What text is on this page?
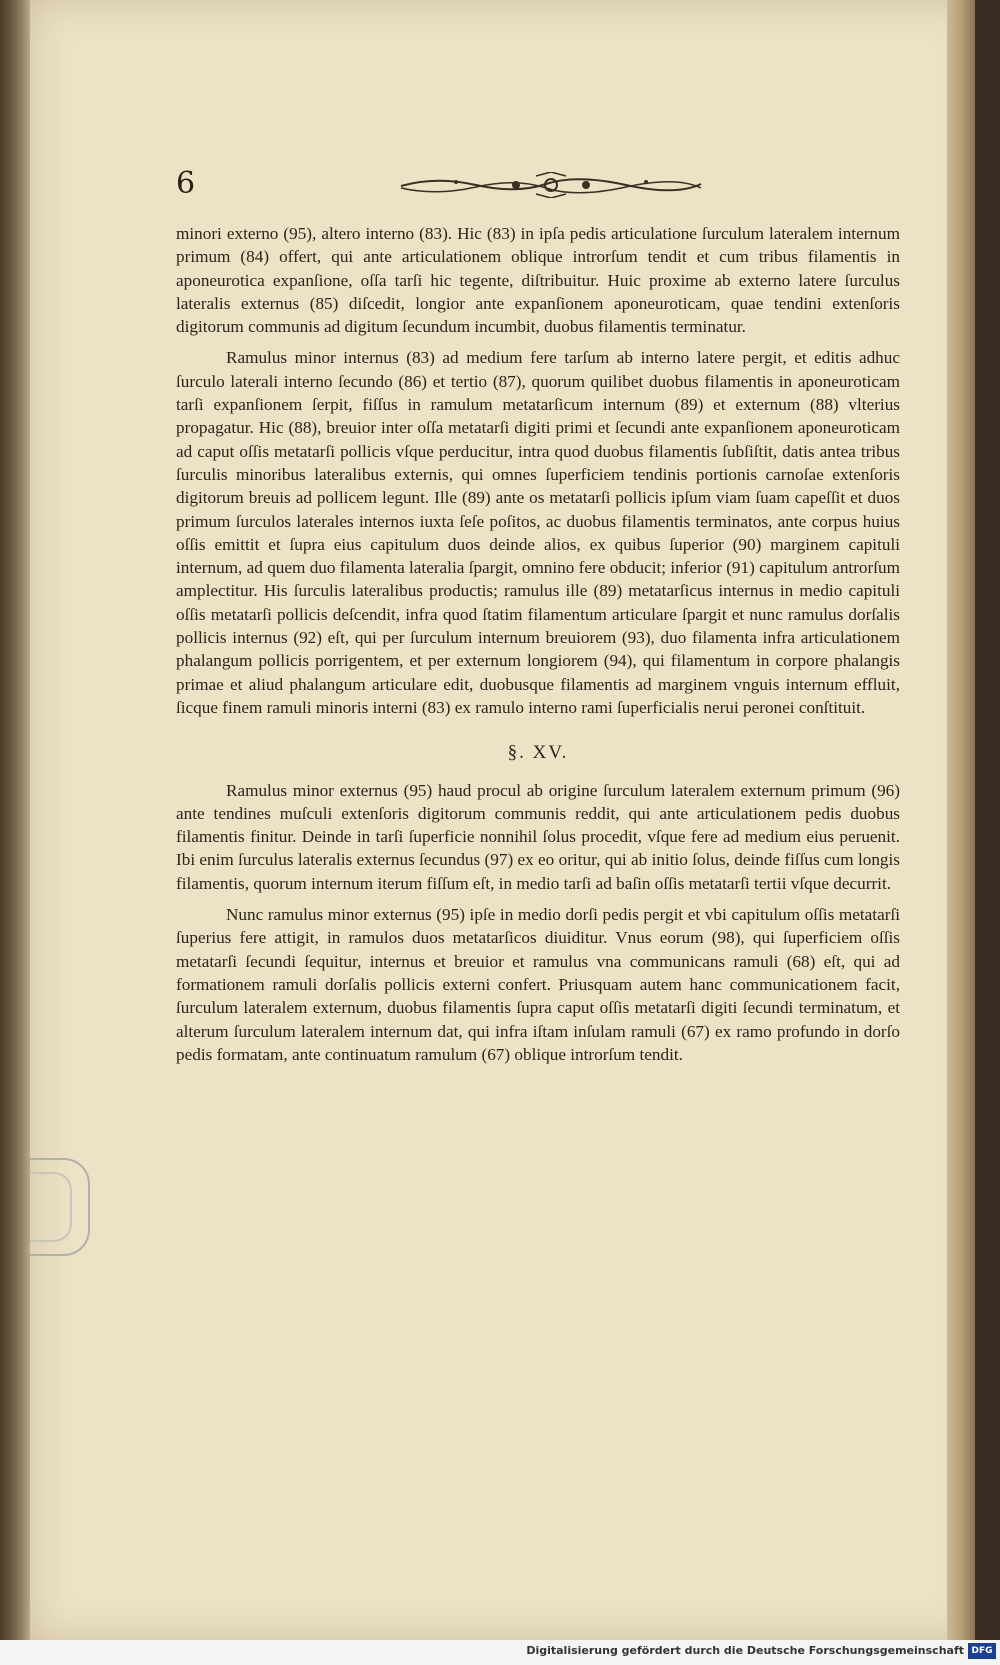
6

minori externo (95), altero interno (83). Hic (83) in ipſa pedis articulatione ſurculum lateralem internum primum (84) offert, qui ante articulationem oblique introrſum tendit et cum tribus filamentis in aponeurotica expanſione, oſſa tarſi hic tegente, diſtribuitur. Huic proxime ab externo latere ſurculus lateralis externus (85) diſcedit, longior ante expanſionem aponeuroticam, quae tendini extenſoris digitorum communis ad digitum ſecundum incumbit, duobus filamentis terminatur.

Ramulus minor internus (83) ad medium fere tarſum ab interno latere pergit, et editis adhuc ſurculo laterali interno ſecundo (86) et tertio (87), quorum quilibet duobus filamentis in aponeuroticam tarſi expanſionem ſerpit, fiſſus in ramulum metatarſicum internum (89) et externum (88) vlterius propagatur. Hic (88), breuior inter oſſa metatarſi digiti primi et ſecundi ante expanſionem aponeuroticam ad caput oſſis metatarſi pollicis vſque perducitur, intra quod duobus filamentis ſubſiſtit, datis antea tribus ſurculis minoribus lateralibus externis, qui omnes ſuperficiem tendinis portionis carnoſae extenſoris digitorum breuis ad pollicem legunt. Ille (89) ante os metatarſi pollicis ipſum viam ſuam capeſſit et duos primum ſurculos laterales internos iuxta ſeſe poſitos, ac duobus filamentis terminatos, ante corpus huius oſſis emittit et ſupra eius capitulum duos deinde alios, ex quibus ſuperior (90) marginem capituli internum, ad quem duo filamenta lateralia ſpargit, omnino fere obducit; inferior (91) capitulum antrorſum amplectitur. His ſurculis lateralibus productis; ramulus ille (89) metatarſicus internus in medio capituli oſſis metatarſi pollicis deſcendit, infra quod ſtatim filamentum articulare ſpargit et nunc ramulus dorſalis pollicis internus (92) eſt, qui per ſurculum internum breuiorem (93), duo filamenta infra articulationem phalangum pollicis porrigentem, et per externum longiorem (94), qui filamentum in corpore phalangis primae et aliud phalangum articulare edit, duobusque filamentis ad marginem vnguis internum effluit, ſicque finem ramuli minoris interni (83) ex ramulo interno rami ſuperficialis nerui peronei conſtituit.

§. XV.

Ramulus minor externus (95) haud procul ab origine ſurculum lateralem externum primum (96) ante tendines muſculi extenſoris digitorum communis reddit, qui ante articulationem pedis duobus filamentis finitur. Deinde in tarſi ſuperficie nonnihil ſolus procedit, vſque fere ad medium eius peruenit. Ibi enim ſurculus lateralis externus ſecundus (97) ex eo oritur, qui ab initio ſolus, deinde fiſſus cum longis filamentis, quorum internum iterum fiſſum eſt, in medio tarſi ad baſin oſſis metatarſi tertii vſque decurrit.

Nunc ramulus minor externus (95) ipſe in medio dorſi pedis pergit et vbi capitulum oſſis metatarſi ſuperius fere attigit, in ramulos duos metatarſicos diuiditur. Vnus eorum (98), qui ſuperficiem oſſis metatarſi ſecundi ſequitur, internus et breuior et ramulus vna communicans ramuli (68) eſt, qui ad formationem ramuli dorſalis pollicis externi confert. Priusquam autem hanc communicationem facit, ſurculum lateralem externum, duobus filamentis ſupra caput oſſis metatarſi digiti ſecundi terminatum, et alterum ſurculum lateralem internum dat, qui infra iſtam inſulam ramuli (67) ex ramo profundo in dorſo pedis formatam, ante continuatum ramulum (67) oblique introrſum tendit.

Digitalisierung gefördert durch die Deutsche Forschungsgemeinschaft DFG
